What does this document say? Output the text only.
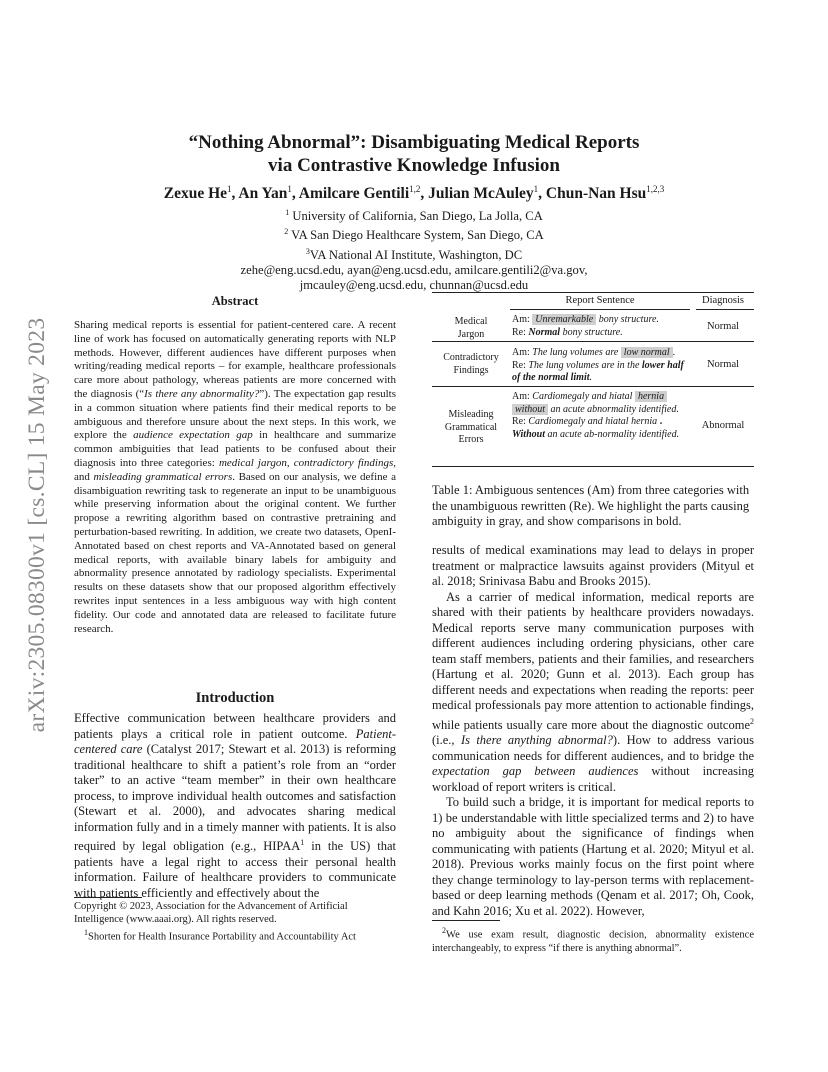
arXiv:2305.08300v1 [cs.CL] 15 May 2023
“Nothing Abnormal”: Disambiguating Medical Reports
via Contrastive Knowledge Infusion
Zexue He$^1$, An Yan$^1$, Amilcare Gentili$^{1,2}$, Julian McAuley$^1$, Chun-Nan Hsu$^{1,2,3}$
$^1$ University of California, San Diego, La Jolla, CA
$^2$ VA San Diego Healthcare System, San Diego, CA
$^3$VA National AI Institute, Washington, DC
zehe@eng.ucsd.edu, ayan@eng.ucsd.edu, amilcare.gentili2@va.gov,
jmcauley@eng.ucsd.edu, chunnan@ucsd.edu
Abstract
Sharing medical reports is essential for patient-centered care. A recent line of work has focused on automatically generating reports with NLP methods. However, different audiences have different purposes when writing/reading medical reports – for example, healthcare professionals care more about pathology, whereas patients are more concerned with the diagnosis (“Is there any abnormality?”). The expectation gap results in a common situation where patients find their medical reports to be ambiguous and therefore unsure about the next steps. In this work, we explore the audience expectation gap in healthcare and summarize common ambiguities that lead patients to be confused about their diagnosis into three categories: medical jargon, contradictory findings, and misleading grammatical errors. Based on our analysis, we define a disambiguation rewriting task to regenerate an input to be unambiguous while preserving information about the original content. We further propose a rewriting algorithm based on contrastive pretraining and perturbation-based rewriting. In addition, we create two datasets, OpenI-Annotated based on chest reports and VA-Annotated based on general medical reports, with available binary labels for ambiguity and abnormality presence annotated by radiology specialists. Experimental results on these datasets show that our proposed algorithm effectively rewrites input sentences in a less ambiguous way with high content fidelity. Our code and annotated data are released to facilitate future research.
Introduction
Effective communication between healthcare providers and patients plays a critical role in patient outcome. Patient-centered care (Catalyst 2017; Stewart et al. 2013) is reforming traditional healthcare to shift a patient’s role from an “order taker” to an active “team member” in their own healthcare process, to improve individual health outcomes and satisfaction (Stewart et al. 2000), and advocates sharing medical information fully and in a timely manner with patients. It is also required by legal obligation (e.g., HIPAA$^1$ in the US) that patients have a legal right to access their personal health information. Failure of healthcare providers to communicate with patients efficiently and effectively about the
Copyright © 2023, Association for the Advancement of Artificial Intelligence (www.aaai.org). All rights reserved.
$^1$Shorten for Health Insurance Portability and Accountability Act
Report Sentence	Diagnosis
Medical
Jargon
Am: Unremarkable bony structure.
Re: Normal bony structure.	Normal
Contradictory
Findings
Am: The lung volumes are low normal .
Re: The lung volumes are in the lower half of the normal limit.
Normal
Misleading
Grammatical
Errors
Am: Cardiomegaly and hiatal hernia
without an acute abnormality identified.
Re: Cardiomegaly and hiatal hernia .
Without an acute ab-normality identified.
Abnormal
Table 1: Ambiguous sentences (Am) from three categories with the unambiguous rewritten (Re). We highlight the parts causing ambiguity in gray, and show comparisons in bold.

results of medical examinations may lead to delays in proper treatment or malpractice lawsuits against providers (Mityul et al. 2018; Srinivasa Babu and Brooks 2015).

As a carrier of medical information, medical reports are shared with their patients by healthcare providers nowadays. Medical reports serve many communication purposes with different audiences including ordering physicians, other care team staff members, patients and their families, and researchers (Hartung et al. 2020; Gunn et al. 2013). Each group has different needs and expectations when reading the reports: peer medical professionals pay more attention to actionable findings, while patients usually care more about the diagnostic outcome$^2$ (i.e., Is there anything abnormal?). How to address various communication needs for different audiences, and to bridge the expectation gap between audiences without increasing workload of report writers is critical.

To build such a bridge, it is important for medical reports to 1) be understandable with little specialized terms and 2) to have no ambiguity about the significance of findings when communicating with patients (Hartung et al. 2020; Mityul et al. 2018). Previous works mainly focus on the first point where they change terminology to lay-person terms with replacement-based or deep learning methods (Qenam et al. 2017; Oh, Cook, and Kahn 2016; Xu et al. 2022). However,

$^2$We use exam result, diagnostic decision, abnormality existence interchangeably, to express “if there is anything abnormal”.
